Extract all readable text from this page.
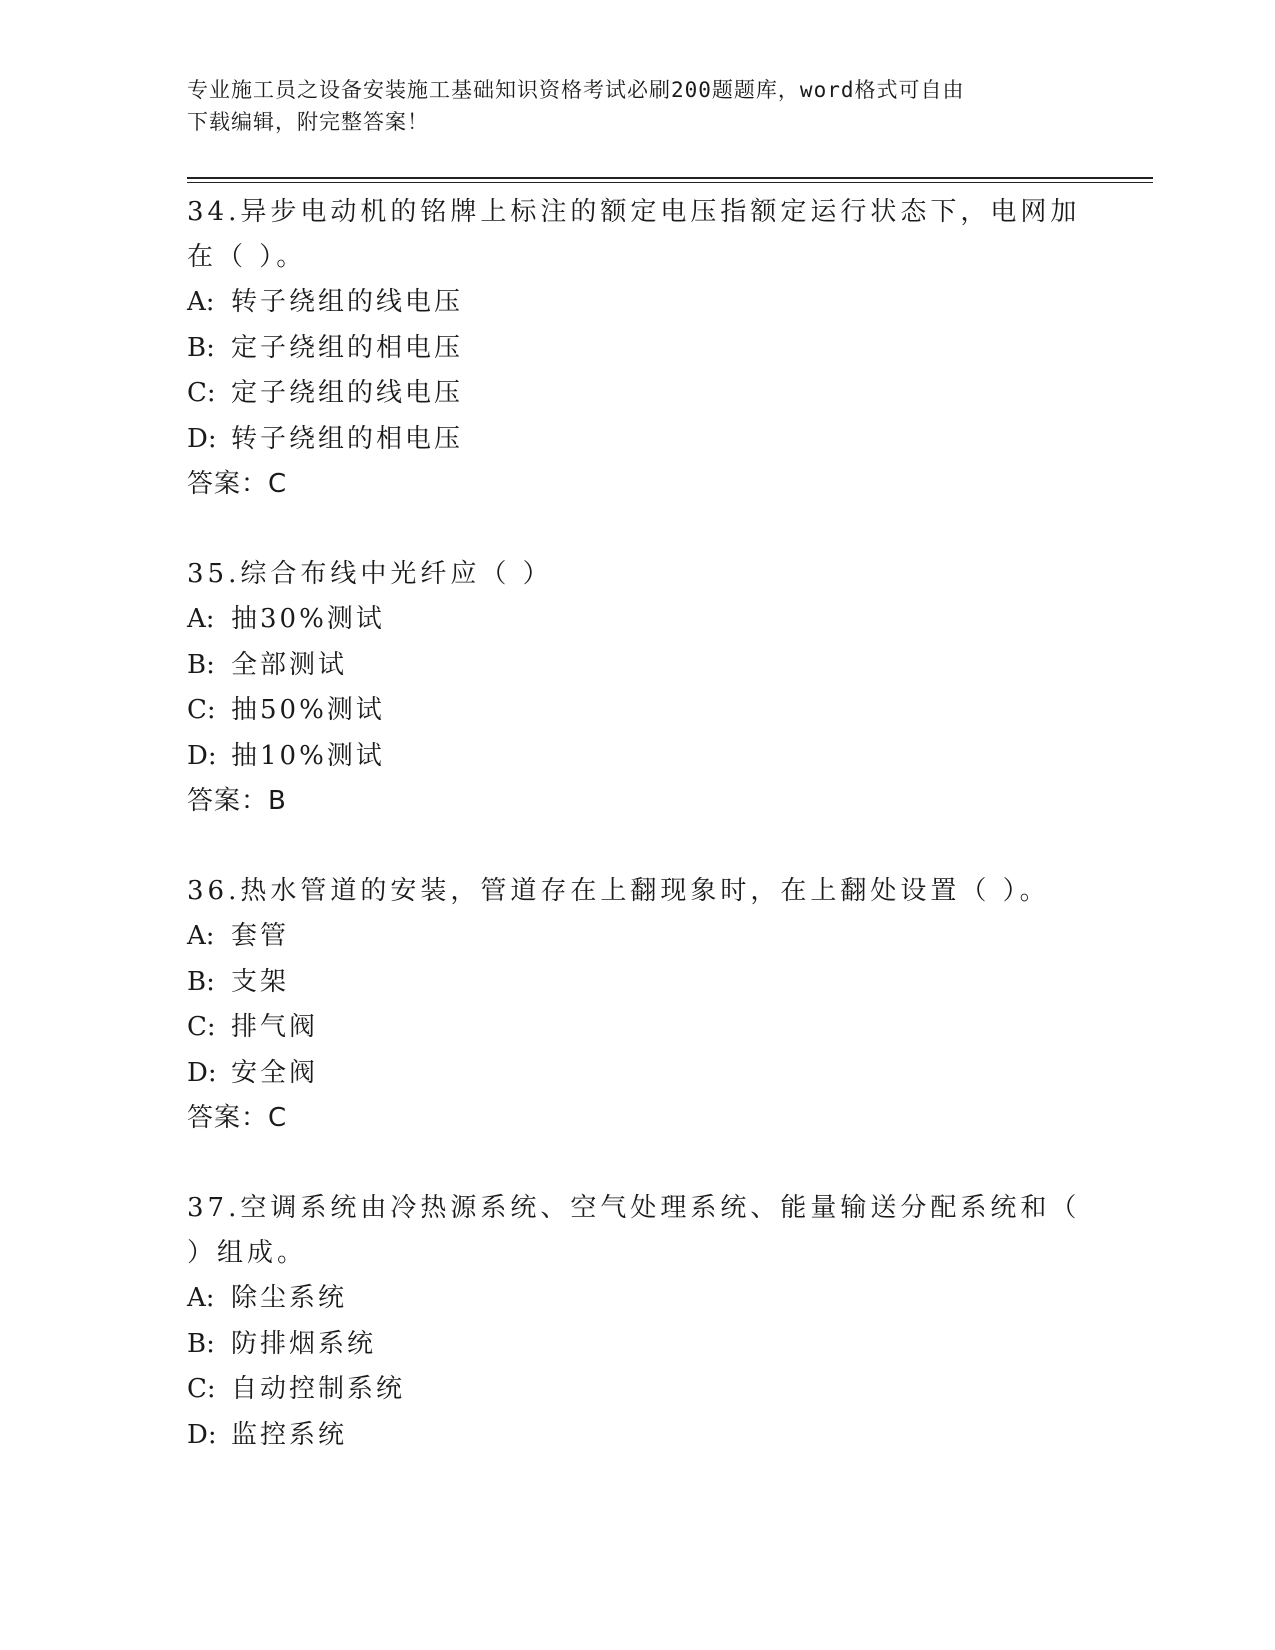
专业施工员之设备安装施工基础知识资格考试必刷200题题库，word格式可自由
下载编辑，附完整答案！

34.异步电动机的铭牌上标注的额定电压指额定运行状态下，电网加在（ ）。

A: 转子绕组的线电压

B: 定子绕组的相电压

C: 定子绕组的线电压

D: 转子绕组的相电压

答案：C

35.综合布线中光纤应（ ）

A: 抽30%测试

B: 全部测试

C: 抽50%测试

D: 抽10%测试

答案：B

36.热水管道的安装，管道存在上翻现象时，在上翻处设置（ ）。

A: 套管

B: 支架

C: 排气阀

D: 安全阀

答案：C

37.空调系统由冷热源系统、空气处理系统、能量输送分配系统和（ ）组成。

A: 除尘系统

B: 防排烟系统

C: 自动控制系统

D: 监控系统
